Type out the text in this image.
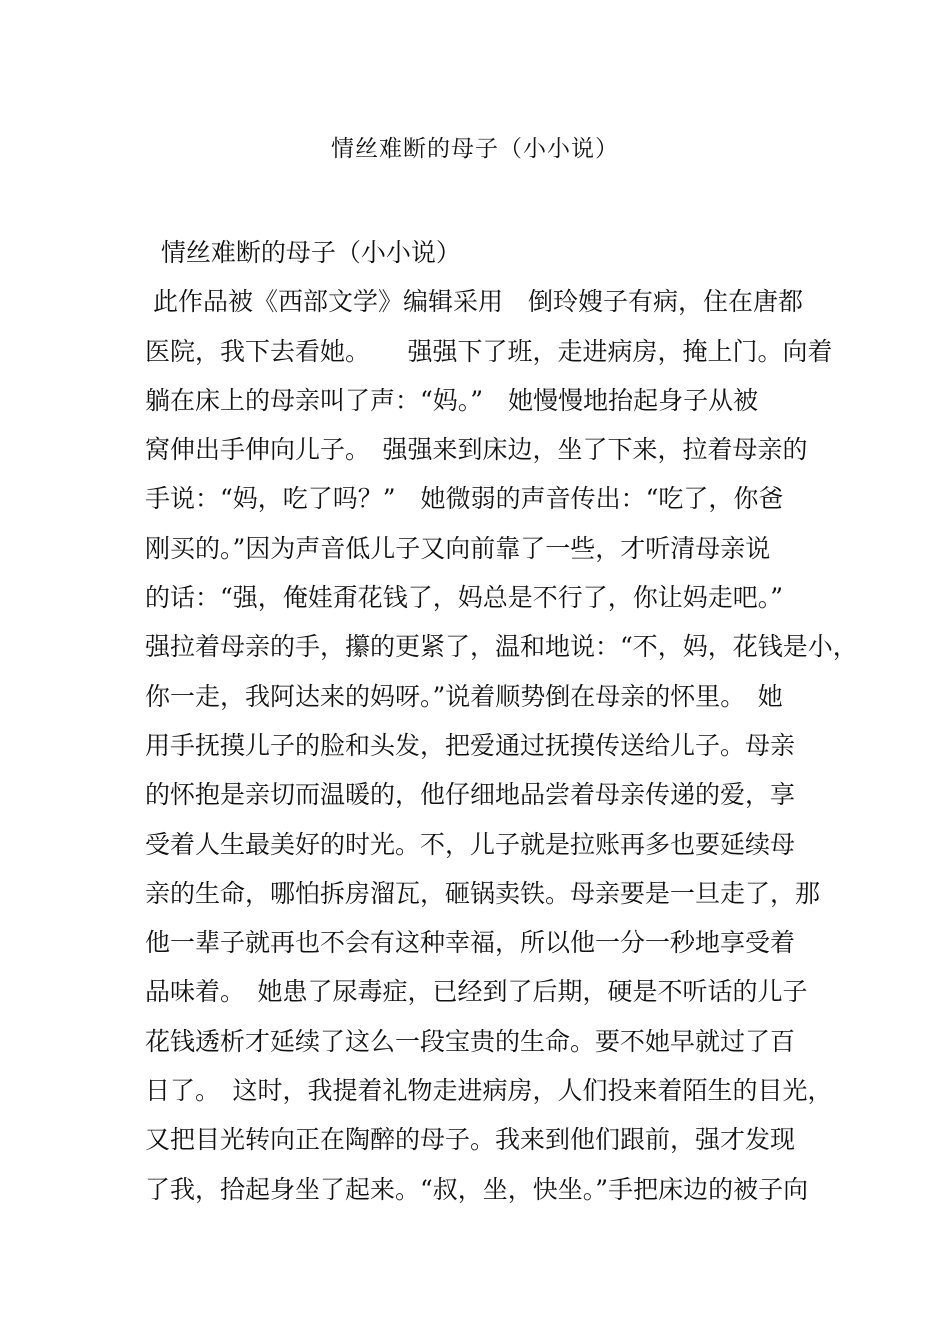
情丝难断的母子（小小说）
情丝难断的母子（小小说）
此作品被《西部文学》编辑采用　倒玲嫂子有病，住在唐都
医院，我下去看她。　　强强下了班，走进病房，掩上门。向着
躺在床上的母亲叫了声：“妈。”　她慢慢地抬起身子从被
窝伸出手伸向儿子。　强强来到床边，坐了下来，拉着母亲的
手说：“妈，吃了吗？”　她微弱的声音传出：“吃了，你爸
刚买的。”因为声音低儿子又向前靠了一些，才听清母亲说
的话：“强，俺娃甭花钱了，妈总是不行了，你让妈走吧。”
强拉着母亲的手，攥的更紧了，温和地说：“不，妈，花钱是小，
你一走，我阿达来的妈呀。”说着顺势倒在母亲的怀里。　她
用手抚摸儿子的脸和头发，把爱通过抚摸传送给儿子。母亲
的怀抱是亲切而温暖的，他仔细地品尝着母亲传递的爱，享
受着人生最美好的时光。不，儿子就是拉账再多也要延续母
亲的生命，哪怕拆房溜瓦，砸锅卖铁。母亲要是一旦走了，那
他一辈子就再也不会有这种幸福，所以他一分一秒地享受着
品味着。　她患了尿毒症，已经到了后期，硬是不听话的儿子
花钱透析才延续了这么一段宝贵的生命。要不她早就过了百
日了。　这时，我提着礼物走进病房，人们投来着陌生的目光，
又把目光转向正在陶醉的母子。我来到他们跟前，强才发现
了我，拾起身坐了起来。“叔，坐，快坐。”手把床边的被子向
